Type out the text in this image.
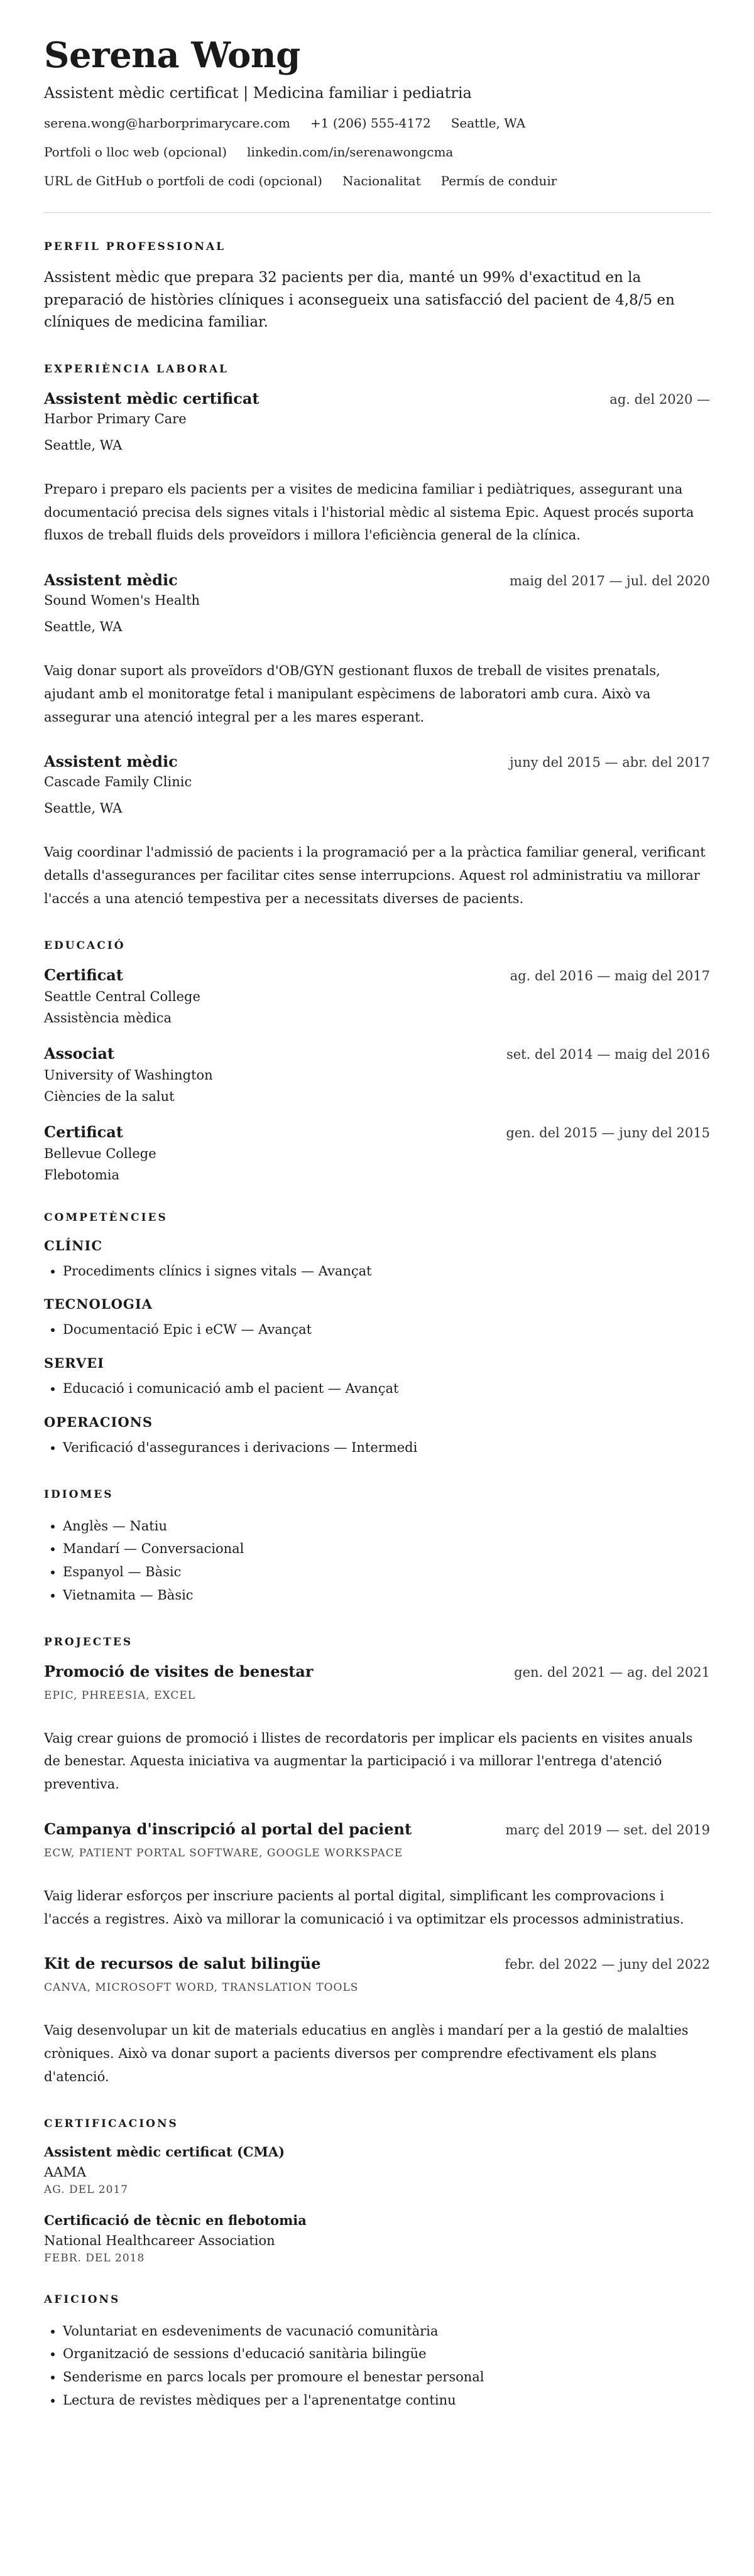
Serena Wong
Assistent mèdic certificat | Medicina familiar i pediatria
serena.wong@harborprimarycare.com +1 (206) 555-4172 Seattle, WA
Portfoli o lloc web (opcional) linkedin.com/in/serenawongcma
URL de GitHub o portfoli de codi (opcional) Nacionalitat Permís de conduir
PERFIL PROFESSIONAL

Assistent mèdic que prepara 32 pacients per dia, manté un 99% d'exactitud en la preparació de històries clíniques i aconsegueix una satisfacció del pacient de 4,8/5 en clíniques de medicina familiar.

EXPERIÈNCIA LABORAL
Assistent mèdic certificat	ag. del 2020 —
Harbor Primary Care
Seattle, WA
Preparo i preparo els pacients per a visites de medicina familiar i pediàtriques, assegurant una documentació precisa dels signes vitals i l'historial mèdic al sistema Epic. Aquest procés suporta fluxos de treball fluids dels proveïdors i millora l'eficiència general de la clínica.
Assistent mèdic	maig del 2017 — jul. del 2020
Sound Women's Health
Seattle, WA
Vaig donar suport als proveïdors d'OB/GYN gestionant fluxos de treball de visites prenatals, ajudant amb el monitoratge fetal i manipulant espècimens de laboratori amb cura. Això va assegurar una atenció integral per a les mares esperant.
Assistent mèdic	juny del 2015 — abr. del 2017
Cascade Family Clinic
Seattle, WA
Vaig coordinar l'admissió de pacients i la programació per a la pràctica familiar general, verificant detalls d'assegurances per facilitar cites sense interrupcions. Aquest rol administratiu va millorar l'accés a una atenció tempestiva per a necessitats diverses de pacients.
EDUCACIÓ
Certificat	ag. del 2016 — maig del 2017
Seattle Central College
Assistència mèdica
Associat	set. del 2014 — maig del 2016
University of Washington
Ciències de la salut
Certificat	gen. del 2015 — juny del 2015
Bellevue College
Flebotomia
COMPETÈNCIES
CLÍNIC
• Procediments clínics i signes vitals — Avançat
TECNOLOGIA
• Documentació Epic i eCW — Avançat
SERVEI
• Educació i comunicació amb el pacient — Avançat
OPERACIONS
• Verificació d'assegurances i derivacions — Intermedi
IDIOMES
• Anglès — Natiu
• Mandarí — Conversacional
• Espanyol — Bàsic
• Vietnamita — Bàsic
PROJECTES
Promoció de visites de benestar	gen. del 2021 — ag. del 2021
EPIC, PHREESIA, EXCEL
Vaig crear guions de promoció i llistes de recordatoris per implicar els pacients en visites anuals de benestar. Aquesta iniciativa va augmentar la participació i va millorar l'entrega d'atenció preventiva.
Campanya d'inscripció al portal del pacient	març del 2019 — set. del 2019
ECW, PATIENT PORTAL SOFTWARE, GOOGLE WORKSPACE
Vaig liderar esforços per inscriure pacients al portal digital, simplificant les comprovacions i l'accés a registres. Això va millorar la comunicació i va optimitzar els processos administratius.
Kit de recursos de salut bilingüe	febr. del 2022 — juny del 2022
CANVA, MICROSOFT WORD, TRANSLATION TOOLS
Vaig desenvolupar un kit de materials educatius en anglès i mandarí per a la gestió de malalties cròniques. Això va donar suport a pacients diversos per comprendre efectivament els plans d'atenció.
CERTIFICACIONS
Assistent mèdic certificat (CMA)
AAMA
AG. DEL 2017
Certificació de tècnic en flebotomia
National Healthcareer Association
FEBR. DEL 2018
AFICIONS
• Voluntariat en esdeveniments de vacunació comunitària
• Organització de sessions d'educació sanitària bilingüe
• Senderisme en parcs locals per promoure el benestar personal
• Lectura de revistes mèdiques per a l'aprenentatge continu
